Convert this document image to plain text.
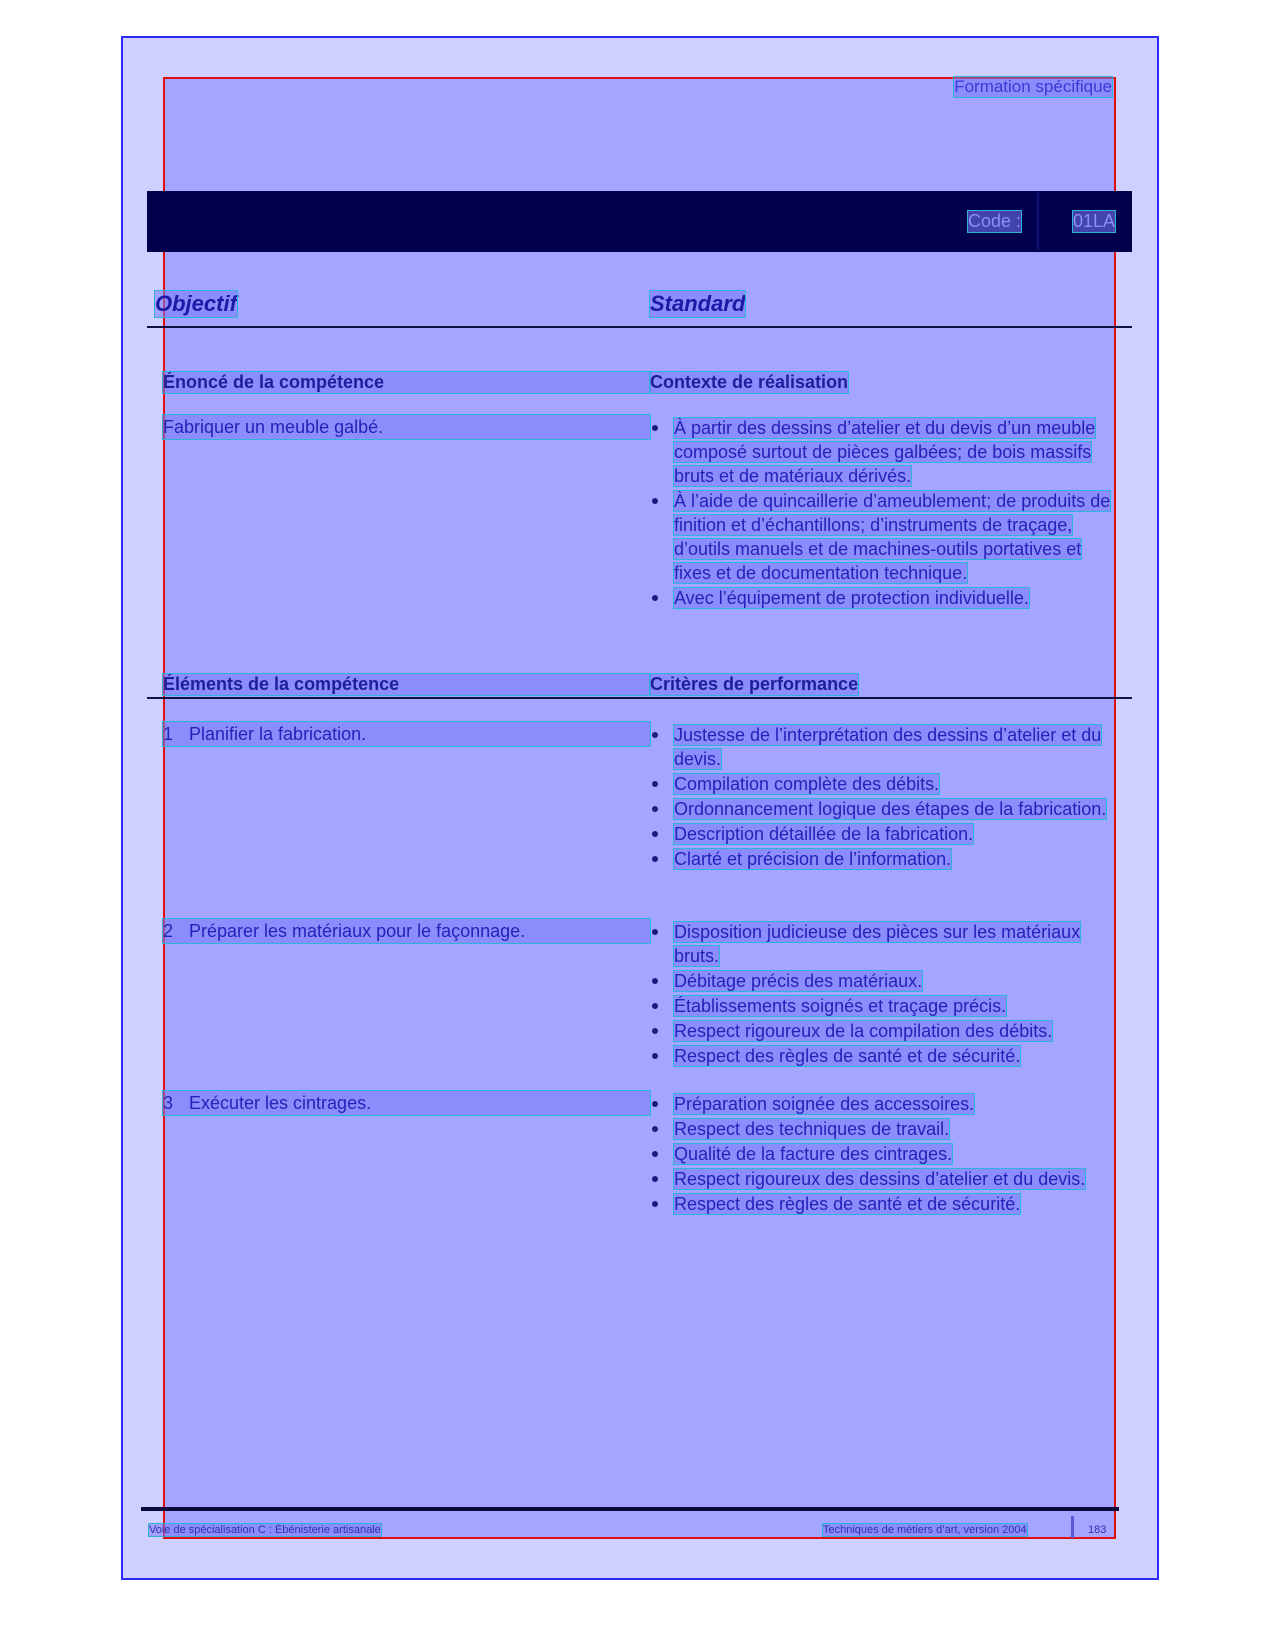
Formation spécifique
Code :	01LA
Objectif	Standard
Énoncé de la compétence	Contexte de réalisation
Fabriquer un meuble galbé.	À partir des dessins d’atelier et du devis d’un meuble composé surtout de pièces galbées; de bois massifs bruts et de matériaux dérivés.
À l’aide de quincaillerie d’ameublement; de produits de finition et d’échantillons; d’instruments de traçage, d’outils manuels et de machines-outils portatives et fixes et de documentation technique.
Avec l’équipement de protection individuelle.
Éléments de la compétence	Critères de performance
1 Planifier la fabrication.	Justesse de l’interprétation des dessins d’atelier et du devis.
Compilation complète des débits.
Ordonnancement logique des étapes de la fabrication.
Description détaillée de la fabrication.
Clarté et précision de l’information.
2 Préparer les matériaux pour le façonnage.	Disposition judicieuse des pièces sur les matériaux bruts.
Débitage précis des matériaux.
Établissements soignés et traçage précis.
Respect rigoureux de la compilation des débits.
Respect des règles de santé et de sécurité.
3 Exécuter les cintrages.	Préparation soignée des accessoires.
Respect des techniques de travail.
Qualité de la facture des cintrages.
Respect rigoureux des dessins d’atelier et du devis.
Respect des règles de santé et de sécurité.
Voie de spécialisation C : Ébénisterie artisanale	Techniques de métiers d’art, version 2004	183
